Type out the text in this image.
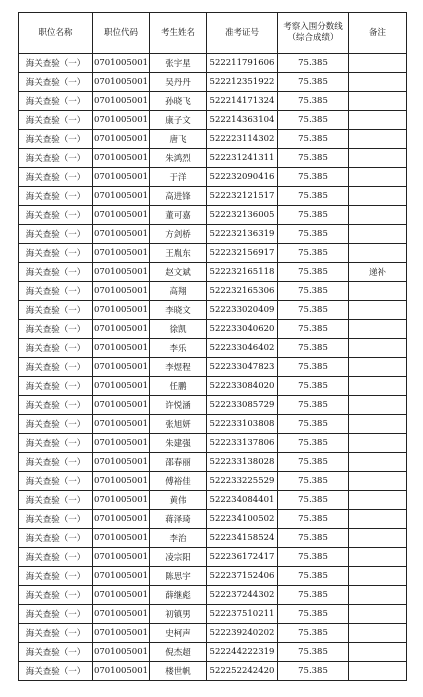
职位名称	职位代码	考生姓名	准考证号	考察入围分数线（综合成绩）	备注
海关查验（一）	0701005001	张宇星	522211791606	75.385	
海关查验（一）	0701005001	吴丹丹	522212351922	75.385	
海关查验（一）	0701005001	孙晓飞	522214171324	75.385	
海关查验（一）	0701005001	康子文	522214363104	75.385	
海关查验（一）	0701005001	唐飞	522223114302	75.385	
海关查验（一）	0701005001	朱鸿烈	522231241311	75.385	
海关查验（一）	0701005001	于洋	522232090416	75.385	
海关查验（一）	0701005001	高进锋	522232121517	75.385	
海关查验（一）	0701005001	董可嘉	522232136005	75.385	
海关查验（一）	0701005001	方剑桥	522232136319	75.385	
海关查验（一）	0701005001	王胤东	522232156917	75.385	
海关查验（一）	0701005001	赵文斌	522232165118	75.385	递补
海关查验（一）	0701005001	高翔	522232165306	75.385	
海关查验（一）	0701005001	李晓文	522233020409	75.385	
海关查验（一）	0701005001	徐凯	522233040620	75.385	
海关查验（一）	0701005001	李乐	522233046402	75.385	
海关查验（一）	0701005001	李煜程	522233047823	75.385	
海关查验（一）	0701005001	任鹏	522233084020	75.385	
海关查验（一）	0701005001	许悦涵	522233085729	75.385	
海关查验（一）	0701005001	张旭妍	522233103808	75.385	
海关查验（一）	0701005001	朱建强	522233137806	75.385	
海关查验（一）	0701005001	邵春丽	522233138028	75.385	
海关查验（一）	0701005001	傅裕佳	522233225529	75.385	
海关查验（一）	0701005001	黄伟	522234084401	75.385	
海关查验（一）	0701005001	蒋泽琦	522234100502	75.385	
海关查验（一）	0701005001	李治	522234158524	75.385	
海关查验（一）	0701005001	凌宗阳	522236172417	75.385	
海关查验（一）	0701005001	陈思宇	522237152406	75.385	
海关查验（一）	0701005001	薛继彪	522237244302	75.385	
海关查验（一）	0701005001	初镇男	522237510211	75.385	
海关查验（一）	0701005001	史柯声	522239240202	75.385	
海关查验（一）	0701005001	倪杰超	522244222319	75.385	
海关查验（一）	0701005001	楼世帆	522252242420	75.385	
